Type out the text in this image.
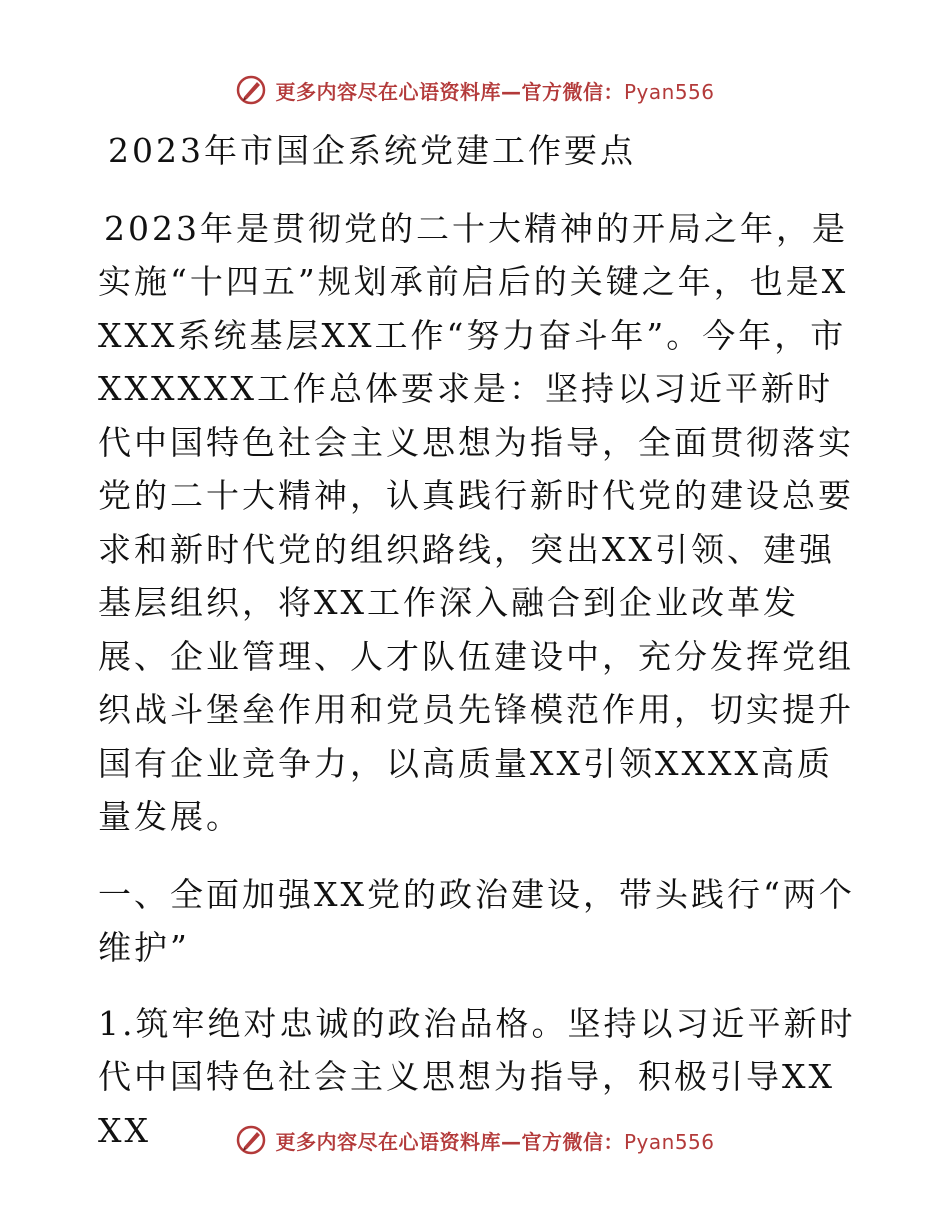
更多内容尽在心语资料库—官方微信：Pyan556

2023年市国企系统党建工作要点

2023年是贯彻党的二十大精神的开局之年，是实施“十四五”规划承前启后的关键之年，也是XXXX系统基层XX工作“努力奋斗年”。今年，市XXXXXX工作总体要求是：坚持以习近平新时代中国特色社会主义思想为指导，全面贯彻落实党的二十大精神，认真践行新时代党的建设总要求和新时代党的组织路线，突出XX引领、建强基层组织，将XX工作深入融合到企业改革发展、企业管理、人才队伍建设中，充分发挥党组织战斗堡垒作用和党员先锋模范作用，切实提升国有企业竞争力，以高质量XX引领XXXX高质量发展。

一、全面加强XX党的政治建设，带头践行“两个维护”

1.筑牢绝对忠诚的政治品格。坚持以习近平新时代中国特色社会主义思想为指导，积极引导XXXX	更多内容尽在心语资料库—官方微信：Pyan556
